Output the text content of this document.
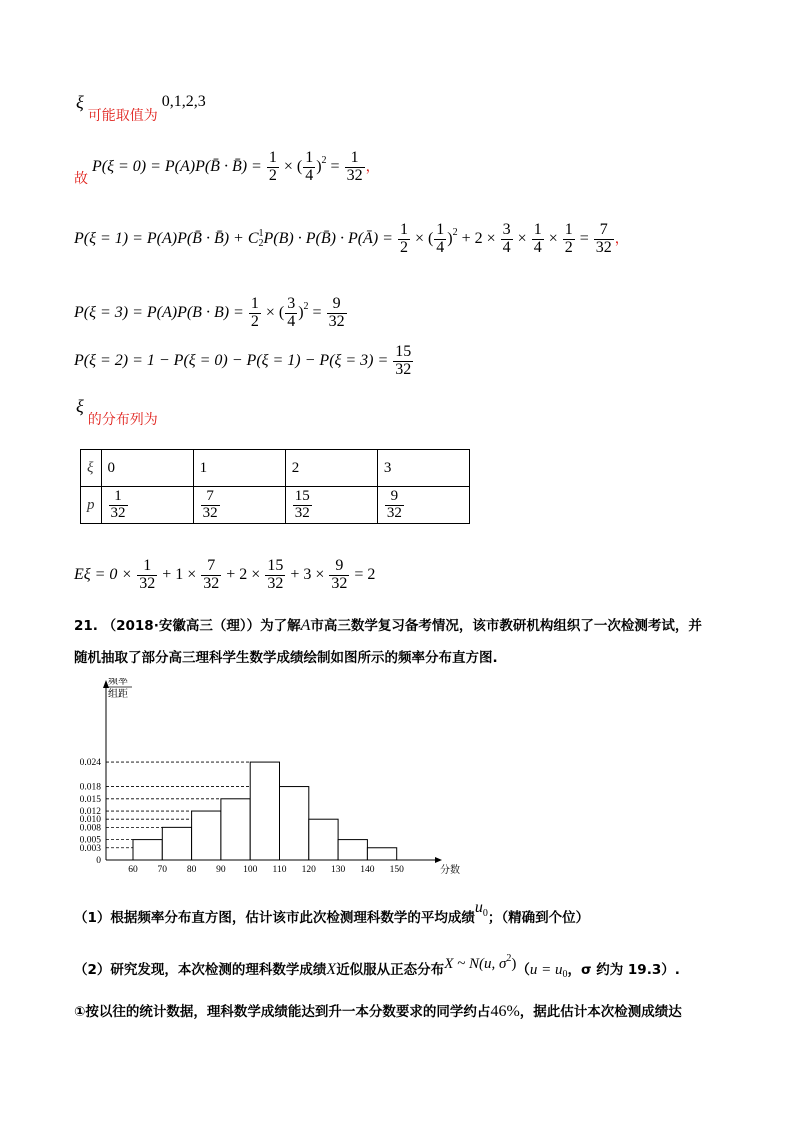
ξ 可能取值为 0,1,2,3
故 P(ξ = 0) = P(A)P(B̄ · B̄) = $\frac{1}{2}$ × ( $\frac{1}{4} )^2 = \frac{1}{32}$ ，
P(ξ = 1) = P(A)P(B̄ · B̄) + C 1
2 P(B) · P(B̄) · P(Ā) = $\frac{1}{2}$ × ( $\frac{1}{4} )^2 + 2 \times \frac{3}{4} \times \frac{1}{4} \times \frac{1}{2} = \frac{7}{32}$ ，
$P(\xi = 3) = P(A)P(B \cdot B) = \frac{1}{2}$ × ( $\frac{3}{4} )^2 = \frac{9}{32}$
$P(\xi = 2) = 1 - P(\xi = 0) - P(\xi = 1) - P(\xi = 3) = \frac{15}{32}$
ξ 的分布列为
ξ	0	1	2	3
p	$\frac{1}{32}$	$\frac{7}{32}$	$\frac{15}{32}$	$\frac{9}{32}$
$E\xi = 0 \times \frac{1}{32} + 1 \times \frac{7}{32} + 2 \times \frac{15}{32} + 3 \times \frac{9}{32} = 2$
21. （2018·安徽高三（理））为了解A市高三数学复习备考情况，该市教研机构组织了一次检测考试，并
随机抽取了部分高三理科学生数学成绩绘制如图所示的频率分布直方图.
0.024
0.018
0.015
0.012
0.010
0.008
0.005
0.003
60 70 80 90 100 110 120 130 140 150
0
频率
组距
分数
（1）根据频率分布直方图，估计该市此次检测理科数学的平均成绩$u^0$；（精确到个位）
（2）研究发现，本次检测的理科数学成绩X近似服从正态分布X ~ N(u, $\sigma^2)(u = u_0$，σ 约为 19.3）.
①按以往的统计数据，理科数学成绩能达到升一本分数要求的同学约占46%，据此估计本次检测成绩达
